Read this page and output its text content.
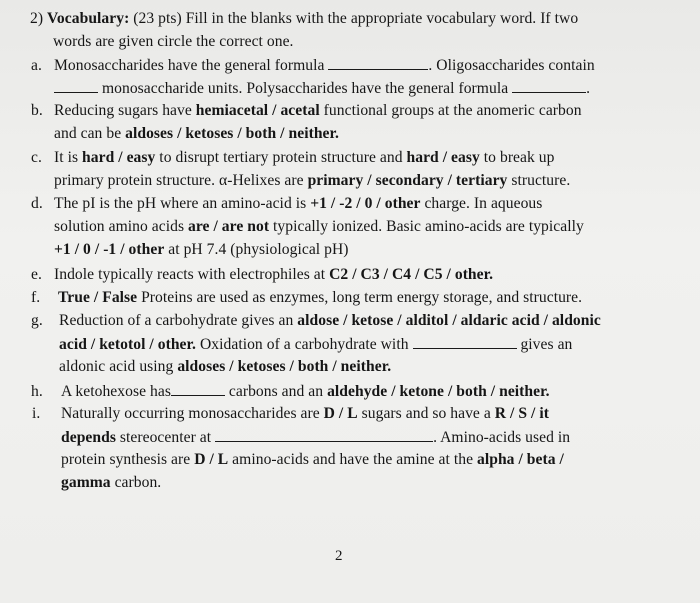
2) Vocabulary: (23 pts) Fill in the blanks with the appropriate vocabulary word. If two
words are given circle the correct one.
a. Monosaccharides have the general formula	. Oligosaccharides contain
monosaccharide units. Polysaccharides have the general formula	.
b. Reducing sugars have hemiacetal / acetal functional groups at the anomeric carbon
and can be aldoses / ketoses / both / neither.
c. It is hard / easy to disrupt tertiary protein structure and hard / easy to break up
primary protein structure. α-Helixes are primary / secondary / tertiary structure.
d. The pI is the pH where an amino-acid is +1 / -2 / 0 / other charge. In aqueous
solution amino acids are / are not typically ionized. Basic amino-acids are typically
+1 / 0 / -1 / other at pH 7.4 (physiological pH)
e. Indole typically reacts with electrophiles at C2 / C3 / C4 / C5 / other.
f. True / False Proteins are used as enzymes, long term energy storage, and structure.
g. Reduction of a carbohydrate gives an aldose / ketose / alditol / aldaric acid / aldonic
acid / ketotol / other. Oxidation of a carbohydrate with	gives an
aldonic acid using aldoses / ketoses / both / neither.
h. A ketohexose has	carbons and an aldehyde / ketone / both / neither.
i. Naturally occurring monosaccharides are D / L sugars and so have a R / S / it
depends stereocenter at	. Amino-acids used in
protein synthesis are D / L amino-acids and have the amine at the alpha / beta /
gamma carbon.
2
